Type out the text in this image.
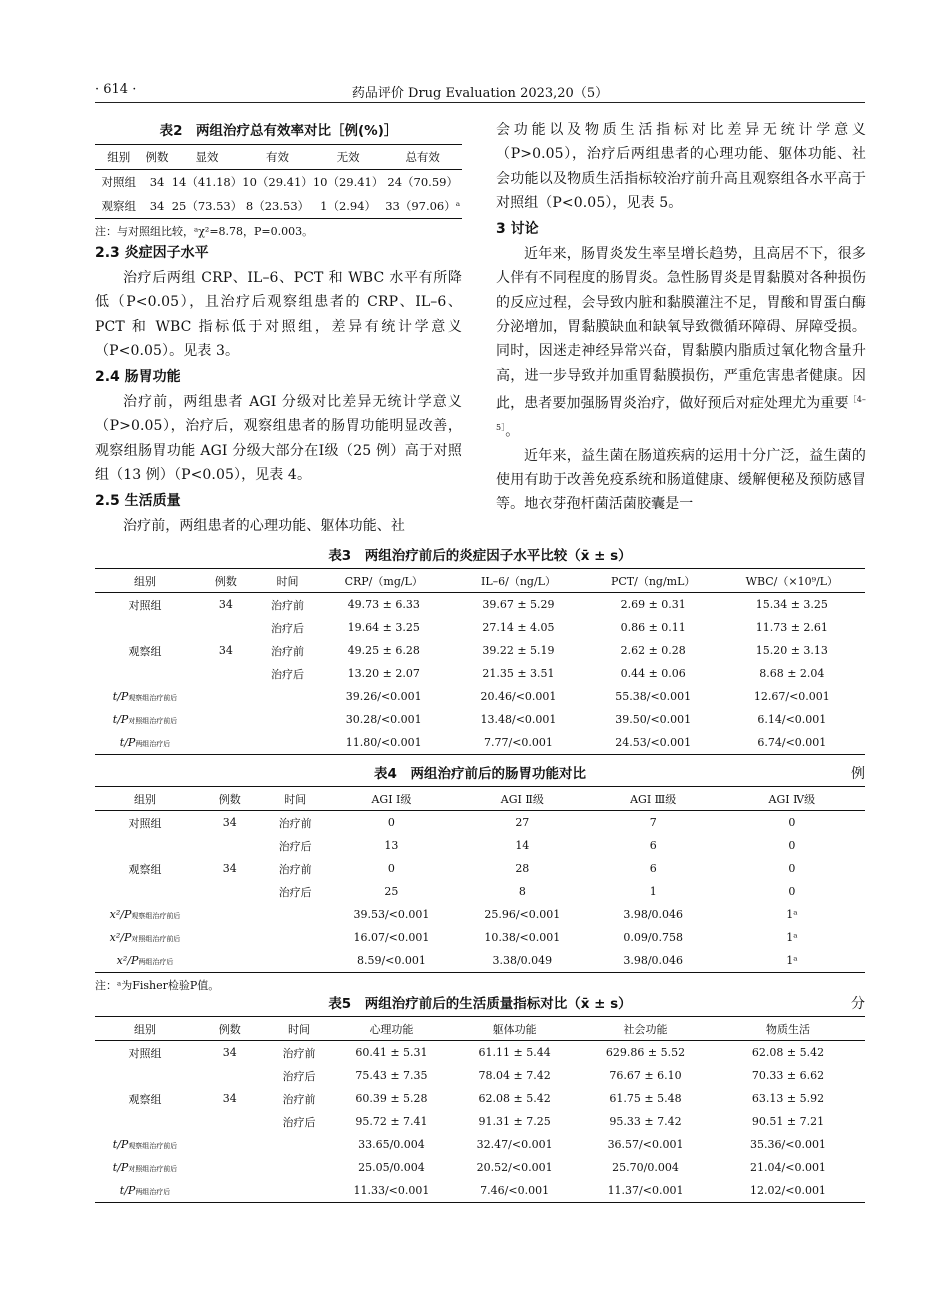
· 614 ·	药品评价 Drug Evaluation 2023,20（5）
表2　两组治疗总有效率对比［例(%)］
组别	例数	显效	有效	无效	总有效
对照组	34	14（41.18）	10（29.41）	10（29.41）	24（70.59）
观察组	34	25（73.53）	8（23.53）	1（2.94）	33（97.06）ᵃ
注：与对照组比较，ᵃχ²=8.78，P=0.003。
2.3 炎症因子水平

治疗后两组 CRP、IL–6、PCT 和 WBC 水平有所降低（P<0.05），且治疗后观察组患者的 CRP、IL–6、PCT 和 WBC 指标低于对照组，差异有统计学意义（P<0.05）。见表 3。

2.4 肠胃功能

治疗前，两组患者 AGI 分级对比差异无统计学意义（P>0.05），治疗后，观察组患者的肠胃功能明显改善，观察组肠胃功能 AGI 分级大部分在Ⅰ级（25 例）高于对照组（13 例）（P<0.05），见表 4。

2.5 生活质量

治疗前，两组患者的心理功能、躯体功能、社

会功能以及物质生活指标对比差异无统计学意义（P>0.05），治疗后两组患者的心理功能、躯体功能、社会功能以及物质生活指标较治疗前升高且观察组各水平高于对照组（P<0.05），见表 5。

3 讨论

近年来，肠胃炎发生率呈增长趋势，且高居不下，很多人伴有不同程度的肠胃炎。急性肠胃炎是胃黏膜对各种损伤的反应过程，会导致内脏和黏膜灌注不足，胃酸和胃蛋白酶分泌增加，胃黏膜缺血和缺氧导致微循环障碍、屏障受损。同时，因迷走神经异常兴奋，胃黏膜内脂质过氧化物含量升高，进一步导致并加重胃黏膜损伤，严重危害患者健康。因此，患者要加强肠胃炎治疗，做好预后对症处理尤为重要$^{[4-5]}$。

近年来，益生菌在肠道疾病的运用十分广泛，益生菌的使用有助于改善免疫系统和肠道健康、缓解便秘及预防感冒等。地衣芽孢杆菌活菌胶囊是一

表3　两组治疗前后的炎症因子水平比较（x̄ ± s）
组别	例数	时间	CRP/（mg/L）	IL–6/（ng/L）	PCT/（ng/mL）	WBC/（×10⁹/L）
对照组	34	治疗前	49.73 ± 6.33	39.67 ± 5.29	2.69 ± 0.31	15.34 ± 3.25
		治疗后	19.64 ± 3.25	27.14 ± 4.05	0.86 ± 0.11	11.73 ± 2.61
观察组	34	治疗前	49.25 ± 6.28	39.22 ± 5.19	2.62 ± 0.28	15.20 ± 3.13
		治疗后	13.20 ± 2.07	21.35 ± 3.51	0.44 ± 0.06	8.68 ± 2.04
t/P观察组治疗前后			39.26/<0.001	20.46/<0.001	55.38/<0.001	12.67/<0.001
t/P对照组治疗前后			30.28/<0.001	13.48/<0.001	39.50/<0.001	6.14/<0.001
t/P两组治疗后			11.80/<0.001	7.77/<0.001	24.53/<0.001	6.74/<0.001
表4　两组治疗前后的肠胃功能对比	例
组别	例数	时间	AGI Ⅰ级	AGI Ⅱ级	AGI Ⅲ级	AGI Ⅳ级
对照组	34	治疗前	0	27	7	0
		治疗后	13	14	6	0
观察组	34	治疗前	0	28	6	0
		治疗后	25	8	1	0
x²/P观察组治疗前后			39.53/<0.001	25.96/<0.001	3.98/0.046	1ᵃ
x²/P对照组治疗前后			16.07/<0.001	10.38/<0.001	0.09/0.758	1ᵃ
x²/P两组治疗后			8.59/<0.001	3.38/0.049	3.98/0.046	1ᵃ
注：ᵃ为Fisher检验P值。
表5　两组治疗前后的生活质量指标对比（x̄ ± s）	分
组别	例数	时间	心理功能	躯体功能	社会功能	物质生活
对照组	34	治疗前	60.41 ± 5.31	61.11 ± 5.44	629.86 ± 5.52	62.08 ± 5.42
		治疗后	75.43 ± 7.35	78.04 ± 7.42	76.67 ± 6.10	70.33 ± 6.62
观察组	34	治疗前	60.39 ± 5.28	62.08 ± 5.42	61.75 ± 5.48	63.13 ± 5.92
		治疗后	95.72 ± 7.41	91.31 ± 7.25	95.33 ± 7.42	90.51 ± 7.21
t/P观察组治疗前后			33.65/0.004	32.47/<0.001	36.57/<0.001	35.36/<0.001
t/P对照组治疗前后			25.05/0.004	20.52/<0.001	25.70/0.004	21.04/<0.001
t/P两组治疗后			11.33/<0.001	7.46/<0.001	11.37/<0.001	12.02/<0.001
